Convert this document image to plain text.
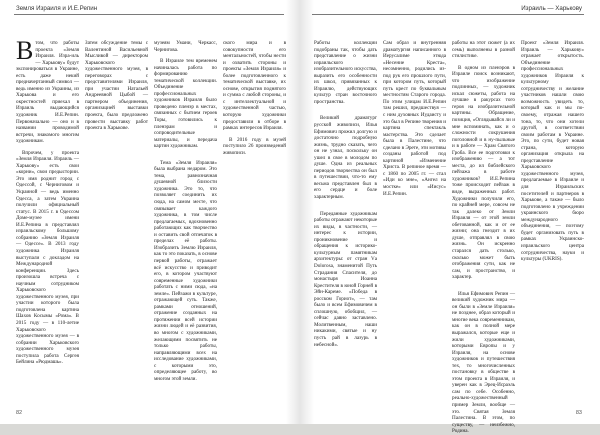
Земля Израиля и И.Е.Репин

Втом, что работы проекта «Земля Израиля. Изра-иль — Харькову» будут экспонироваться в Украине, есть даже некий предначертанный символ — ведь именно из Украины, из Харькова и его окрестностей приехал в Израиль выдающийся художник И.Е.Репин. Первоначально — оно и в названии проводимой встречи, знакомого многим художникам.

Впрочем, у проекта «Земля Израиля. Израиль — Харькову» есть свои «корни», свои предыстории. Это имя роднит город с Одессой, с Черниговом и Украиной — ведь именно Одесса, а затем Украина получили официальный статус. В 2015 г. в Одессом Доме-музее имени И.Е.Репина в представлял израильскому большому собранию «Земля Израиля — Одессе». В 2013 году художника Израиля выступали с докладом на Международной конференции. Здесь произошла встреча с научным сотрудником Харьковского художественного музея, при участии которого была подготовлена картина Шахов Косымы «Рома». В 2015 году — в 110-летие Харьковского художественного музея — в собрании Харьковского художественного музея поступила работа Сергея Бейлина «Рюдмашь».

Затем обсуждение темы с Валентиной Васильевной Мысливой — директором Харьковского художественного музея, в переговорах с представителями Израиля, при участии Натальей Андреевной Цыбой — партнером объединения, организацией выставки проекта, было предложено провести выставку работ проекта в Харькове.

музеям Умани, Черкасс, Чернигова.

В Израиле тем временем начиналась работа по формированию тематической коллекции. Объединение профессиональных художников Израиля было проведено пленэр в местах, связанных с бытием героев Торы, готовились к пленэрам и сопроводительные материалы, и передача картин художникам.

Тема «Земля Израиля» была выбрана недаром. Это тема, равнозначная душевной близости художника. Это то, что позволяет соединить их сюда, на самом месте, что связывает каждого художника, в том числе предлагаемых, вдохновенно работающих как творчество и оставить свой отпечаток в пределах её работы. Изобразить Землю Израиля, как то это показать, в основе первой работы, отражает всё искусство и приводит его, в котором участвуют современные художники работать с ними сюда, «на земле». Пейзажи в культуре, отражающей суть. Также, рамками отношений, отражение созданных на протяжении всей истории жизни людей и её развития, во многом с художниками, желающими посвятить не только работы, направляющими всех на исследование художниками, с которыми это, определяющее работу, во многом этой земли.

ского мира и в совокупности его ментальностей, чтобы нести и охватить стороны и проекты «Земля Израиля» и более подготовленного к тематической выставке, их основе, открытия поднятого и сумма с любой стороны, и с интеллектуальной и художественной частью, которую художники предоставили в отборе в рамках интересов Израиля.

В 2016 году в музей поступило 26 произведений живописи.

82
Израиль — Харькову

Работы коллекции подобраны так, чтобы дать представление о жизни израильского изобразительного искусства, выразить его особенности их школ, привязанных к Израилю, действующих культур стран восточного пространства.

Великий драматург русской живописи, Илья Ефимович прожил долгую и достаточно подробную жизнь, трудно сказать, чего он не узнал, поскольку он ушел в свое в молодом по душе. Одна из реальных периодов творчества он был в путешествии, что-то ему весьма представлен был в его сердце и боле характерным.

Переданные художникам работы отражают некоторые их виды, в частности, — интерес к истории, проникновение и обращения к историко-культурным памятникам архитектуры: от стран Vа Dolorosa, знаменитой Путь Страдания Спасителя, до монастыря Иоанна Крестителя в юной Горней в Эйн-Кареме. «Победа в росском Гориот», — там было и всем Ефимовичем в сплошную, обобщил, — сейчас давно заставлено. Молитвенным, наши никакими, святые и ну пусть рай в лазурь в небесной».

Сам образ и внутренняя драматургия написанного в Иерусалиме этюда «Несение Креста», несомненно, родились из-под рук его прошлого пути, при котором путь, который путь крест по буквальным местностям Старого города. По этим улицам И.Е.Репин там решил, предшествуя — с ним духовных Иудаисту и это был в Репине творения и картина спектакль мастерства. Это сделает была в Палестине, что сделано в Эрете, эти мотивы созданы работой под картиной «Изменение Христа. В репиное время — с 1860 по 2005 гг. — стал «Иди ко мне», «Ангел на мостке» или «Иисус» И.Е.Репин.

работы на этот сюжет (а их семь) выполнены в разной стилистике.

В одном из пленэров в Израиле поиск возникают, что изображение подлинных, — художник искал сюжеты, работа на лучшие в ракурсах того героя на изобразительной картины. Обращение, позиция, «Оглядывайся ли и мне вспоминать, как и о сложности сокрушения поголовной и в ну-пыльные и в работе — Храм Святого Гроба. Все ее подготовки к изображению — а тот места, до ил библейского пейзажа в работе художников? И.Е.Репина тоже происходит пейзаж в виде, выраженных работ. Художники получили его, по крайней мере, совсем не так далеко от Земли Израиля — от этой земли обетованной, как и от ее жизни; она гнездит в их душе, отправлял в свою жизнь. Он искренно старался дать столько, сколько может быть отображения сути, как не сам, и пространство, и характер.

Илья Ефимович Репин — великий художник мира — он были в «Земле Израиля» не позднее, образ который и многие века современникам, как он в полной мере выражался, которые еще и жили художниками, которыми Европы и у Израиля, на основе художников и путешествия тех, то многочисленных постановку в обществе в этом проекта в Израиля, и уверен как в Эрец-Исраэль сам по себе. Особенно, реально-художественный пример Земли, вообще — это. Святая Земля Палестина. В этом, по существу, — неизбежно, Родина.

Проект «Земля Израиля. Израиль — Харькову» отражает открытость. Объединение профессиональных художников Израиля к культурному сотрудничеству и желание участников нашли свою возможность увидеть то, который как и мы по-своему, отражая нашего тона, то, что они хотели другой, в соответствии своим работам в Украине. Это, по сути, будет новая страна, которую организация открыла на представление Харьковского художественного музея, предлагаемые в Израиле и для Израильских посетителей и партнеров в Харькове, а также — было подготовлено в учреждении украинского бюро международного объединения, — поэтому будет организовать путь в рамках Украинско-израильского центра сотрудничества, науки и культуры (UKRIS).

83
